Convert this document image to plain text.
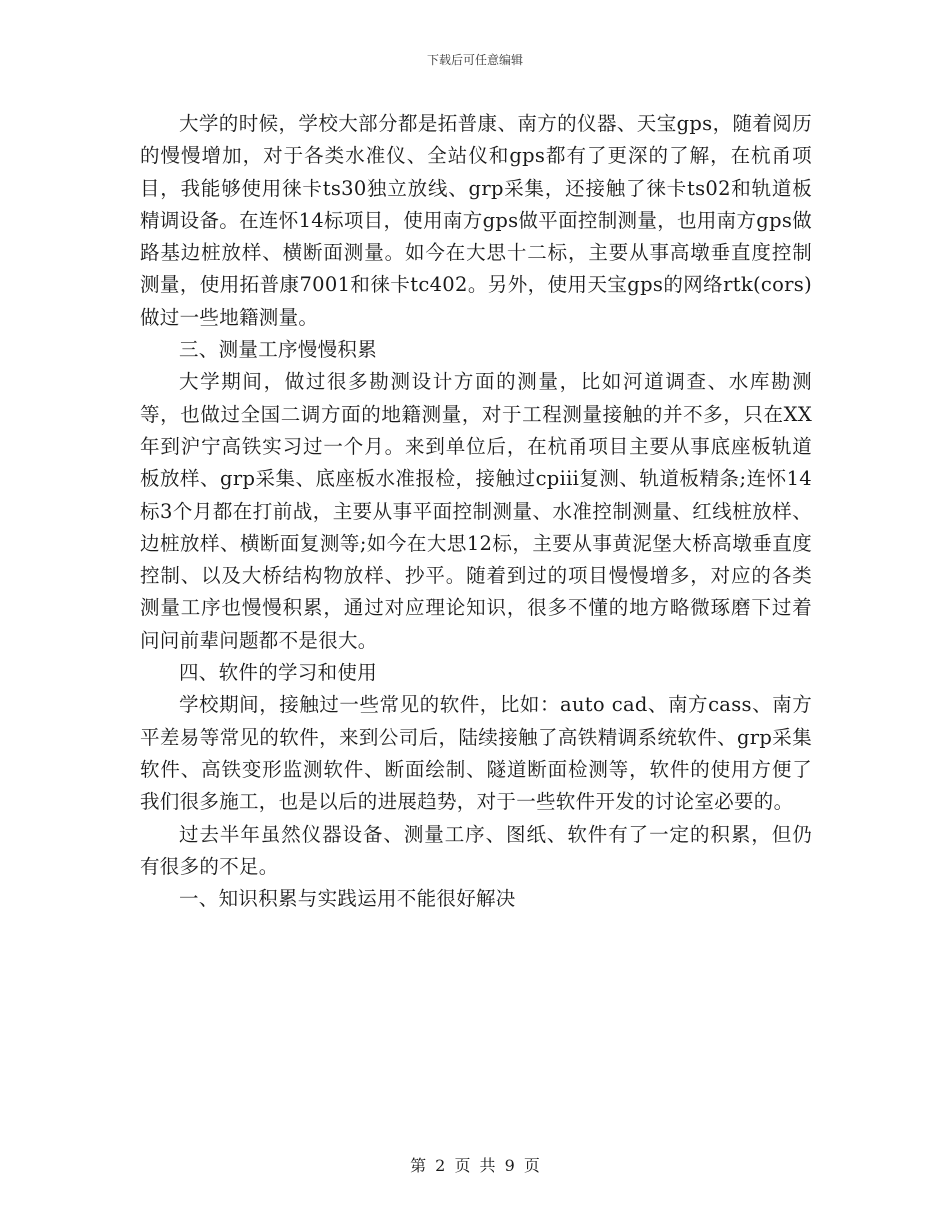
下载后可任意编辑

大学的时候，学校大部分都是拓普康、南方的仪器、天宝gps，随着阅历的慢慢增加，对于各类水准仪、全站仪和gps都有了更深的了解，在杭甬项目，我能够使用徕卡ts30独立放线、grp采集，还接触了徕卡ts02和轨道板精调设备。在连怀14标项目，使用南方gps做平面控制测量，也用南方gps做路基边桩放样、横断面测量。如今在大思十二标，主要从事高墩垂直度控制测量，使用拓普康7001和徕卡tc402。另外，使用天宝gps的网络rtk(cors)做过一些地籍测量。

三、测量工序慢慢积累

大学期间，做过很多勘测设计方面的测量，比如河道调查、水库勘测等，也做过全国二调方面的地籍测量，对于工程测量接触的并不多，只在XX年到沪宁高铁实习过一个月。来到单位后，在杭甬项目主要从事底座板轨道板放样、grp采集、底座板水准报检，接触过cpiii复测、轨道板精条;连怀14标3个月都在打前战，主要从事平面控制测量、水准控制测量、红线桩放样、边桩放样、横断面复测等;如今在大思12标，主要从事黄泥堡大桥高墩垂直度控制、以及大桥结构物放样、抄平。随着到过的项目慢慢增多，对应的各类测量工序也慢慢积累，通过对应理论知识，很多不懂的地方略微琢磨下过着问问前辈问题都不是很大。

四、软件的学习和使用

学校期间，接触过一些常见的软件，比如：auto cad、南方cass、南方平差易等常见的软件，来到公司后，陆续接触了高铁精调系统软件、grp采集软件、高铁变形监测软件、断面绘制、隧道断面检测等，软件的使用方便了我们很多施工，也是以后的进展趋势，对于一些软件开发的讨论室必要的。

过去半年虽然仪器设备、测量工序、图纸、软件有了一定的积累，但仍有很多的不足。

一、知识积累与实践运用不能很好解决

第 2 页 共 9 页
